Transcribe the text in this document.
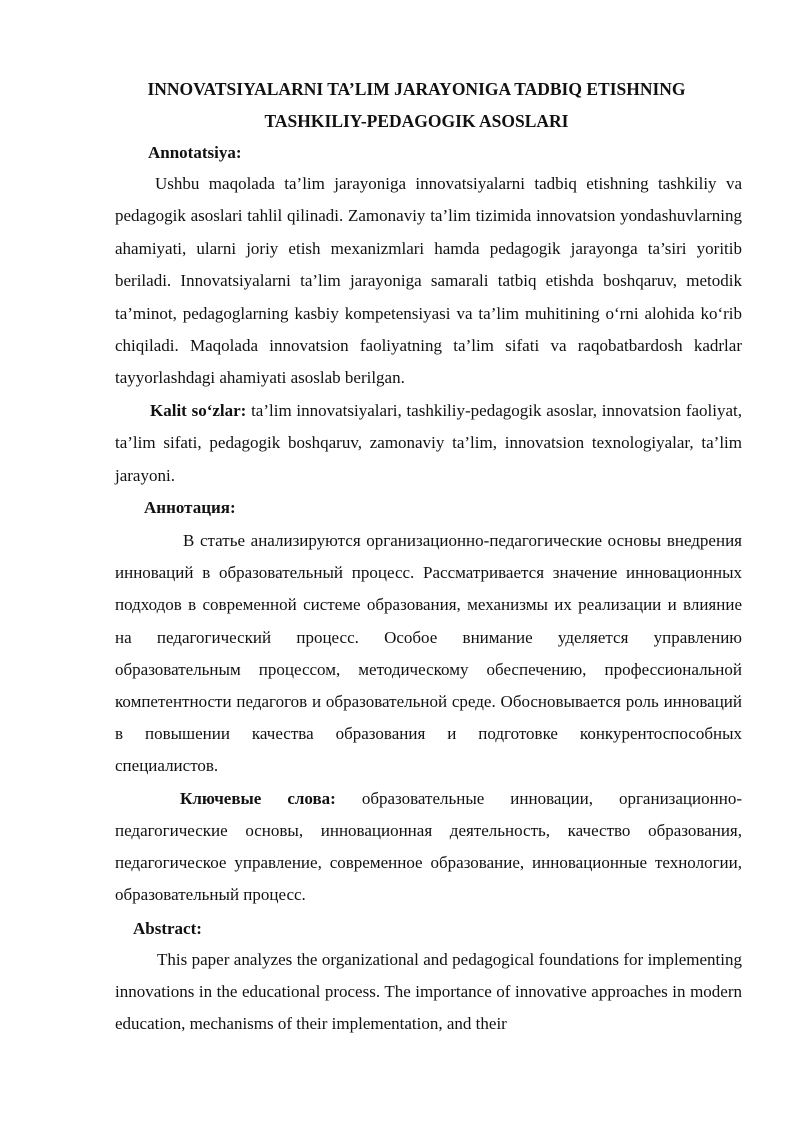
INNOVATSIYALARNI TA’LIM JARAYONIGA TADBIQ ETISHNING
TASHKILIY-PEDAGOGIK ASOSLARI

Annotatsiya:

Ushbu maqolada ta’lim jarayoniga innovatsiyalarni tadbiq etishning tashkiliy va pedagogik asoslari tahlil qilinadi. Zamonaviy ta’lim tizimida innovatsion yondashuvlarning ahamiyati, ularni joriy etish mexanizmlari hamda pedagogik jarayonga ta’siri yoritib beriladi. Innovatsiyalarni ta’lim jarayoniga samarali tatbiq etishda boshqaruv, metodik ta’minot, pedagoglarning kasbiy kompetensiyasi va ta’lim muhitining o‘rni alohida ko‘rib chiqiladi. Maqolada innovatsion faoliyatning ta’lim sifati va raqobatbardosh kadrlar tayyorlashdagi ahamiyati asoslab berilgan.

Kalit so‘zlar: ta’lim innovatsiyalari, tashkiliy-pedagogik asoslar, innovatsion faoliyat, ta’lim sifati, pedagogik boshqaruv, zamonaviy ta’lim, innovatsion texnologiyalar, ta’lim jarayoni.

Аннотация:

В статье анализируются организационно-педагогические основы внедрения инноваций в образовательный процесс. Рассматривается значение инновационных подходов в современной системе образования, механизмы их реализации и влияние на педагогический процесс. Особое внимание уделяется управлению образовательным процессом, методическому обеспечению, профессиональной компетентности педагогов и образовательной среде. Обосновывается роль инноваций в повышении качества образования и подготовке конкурентоспособных специалистов.

Ключевые слова: образовательные инновации, организационно-педагогические основы, инновационная деятельность, качество образования, педагогическое управление, современное образование, инновационные технологии, образовательный процесс.

Abstract:

This paper analyzes the organizational and pedagogical foundations for implementing innovations in the educational process. The importance of innovative approaches in modern education, mechanisms of their implementation, and their
